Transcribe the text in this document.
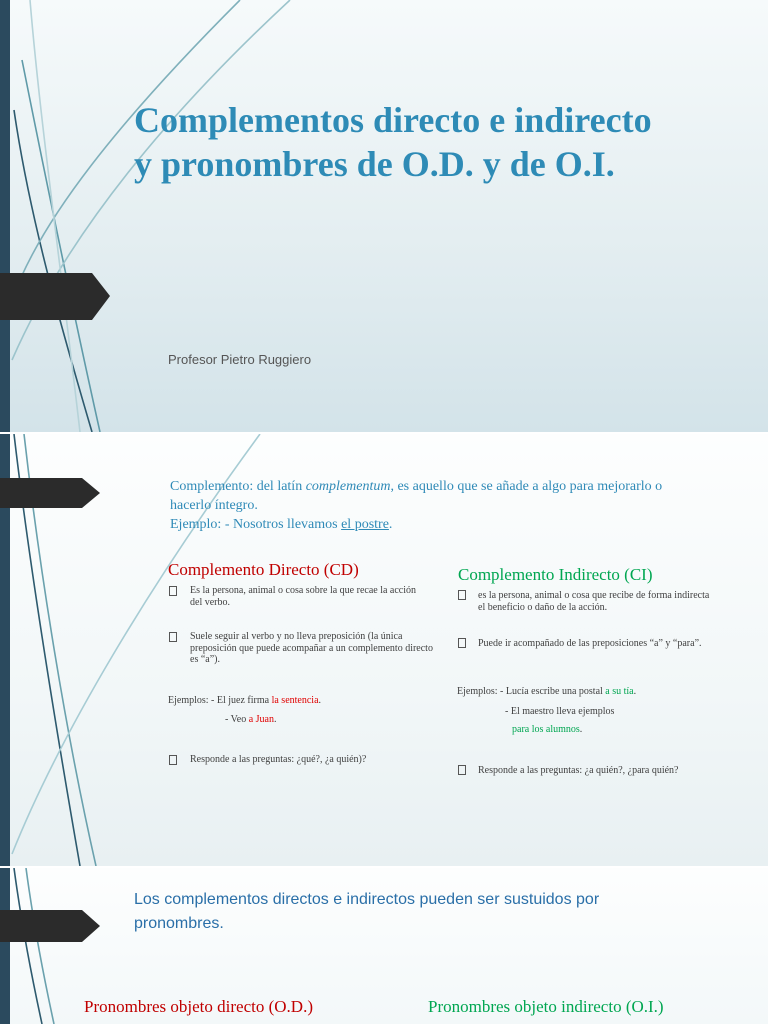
Complementos directo e indirecto
y pronombres de O.D. y de O.I.

Profesor Pietro Ruggiero

Complemento: del latín complementum, es aquello que se añade a algo para mejorarlo o hacerlo íntegro.
Ejemplo: - Nosotros llevamos el postre.

Complemento Directo (CD)

Es la persona, animal o cosa sobre la que recae la acción del verbo.

Suele seguir al verbo y no lleva preposición (la única preposición que puede acompañar a un complemento directo es “a”).

Ejemplos: - El juez firma la sentencia.

- Veo a Juan.

Responde a las preguntas: ¿qué?, ¿a quién)?

Complemento Indirecto (CI)

es la persona, animal o cosa que recibe de forma indirecta el beneficio o daño de la acción.

Puede ir acompañado de las preposiciones “a” y “para”.

Ejemplos: - Lucía escribe una postal a su tía.

- El maestro lleva ejemplos

para los alumnos.

Responde a las preguntas: ¿a quién?, ¿para quién?

Los complementos directos e indirectos pueden ser sustuidos por pronombres.

Pronombres objeto directo (O.D.)	Pronombres objeto indirecto (O.I.)
